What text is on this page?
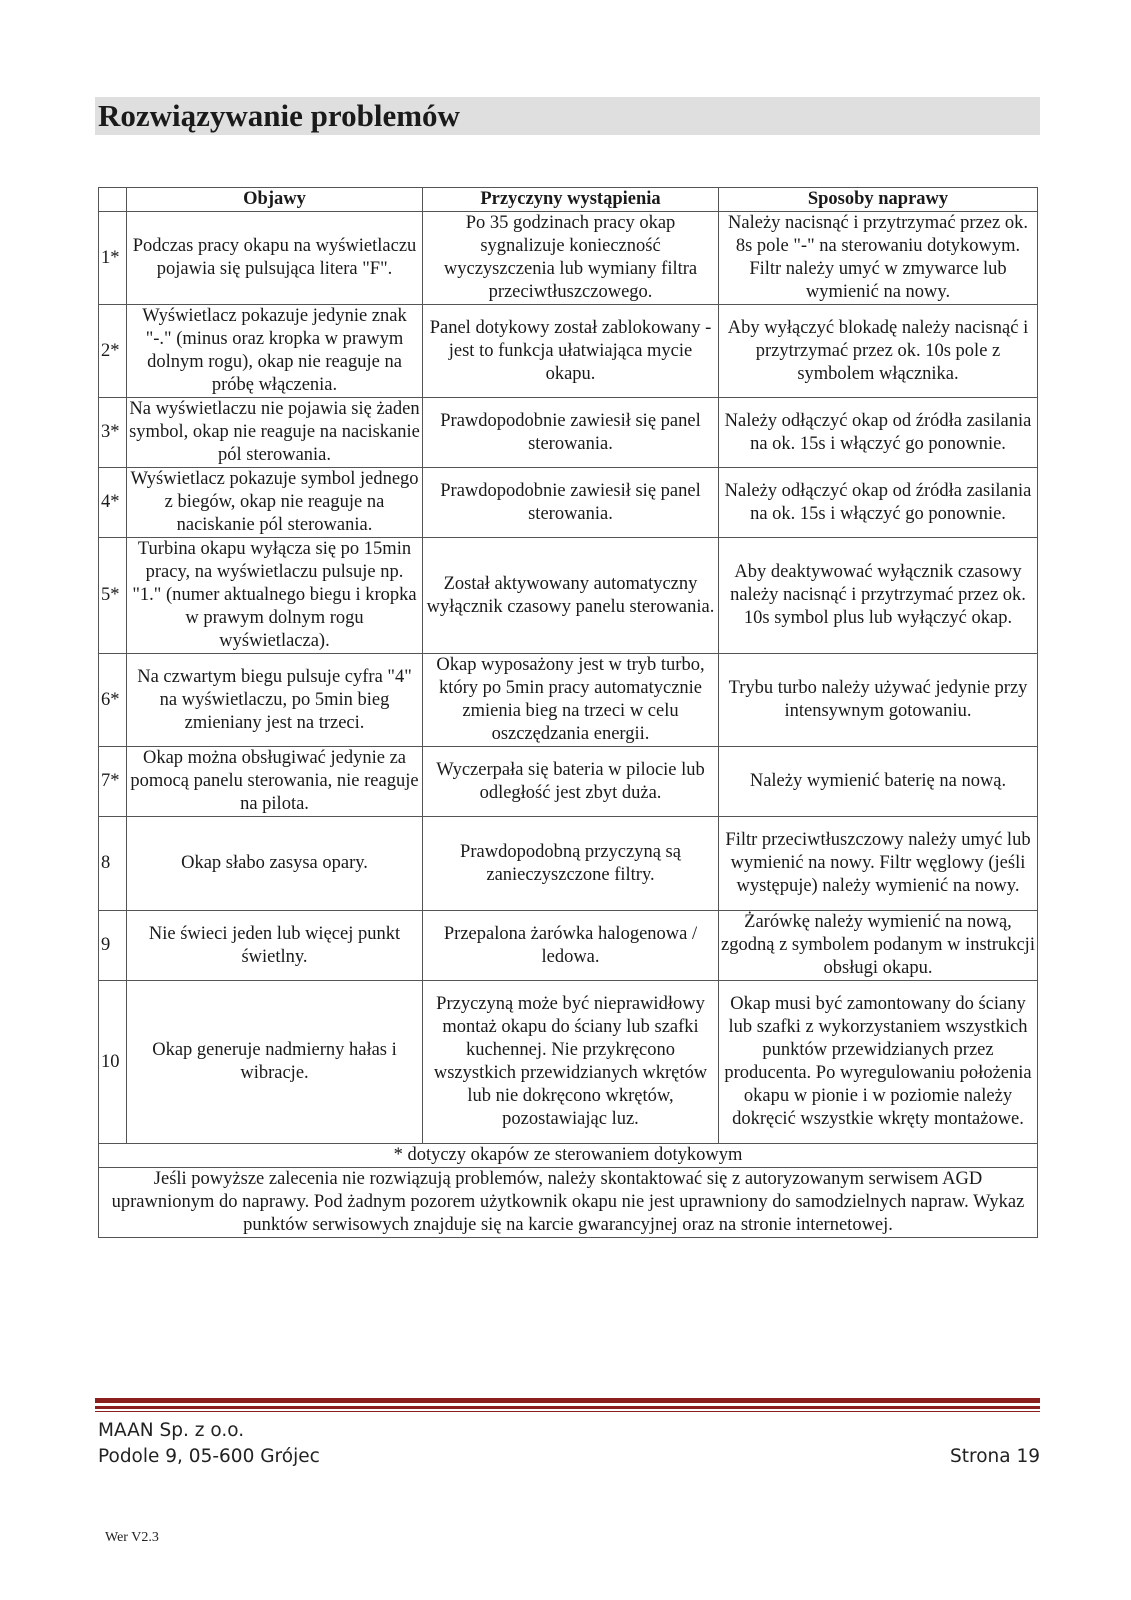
Rozwiązywanie problemów
	Objawy	Przyczyny wystąpienia	Sposoby naprawy
1*	Podczas pracy okapu na wyświetlaczu pojawia się pulsująca litera "F".	Po 35 godzinach pracy okap sygnalizuje konieczność wyczyszczenia lub wymiany filtra przeciwtłuszczowego.	Należy nacisnąć i przytrzymać przez ok. 8s pole "-" na sterowaniu dotykowym. Filtr należy umyć w zmywarce lub wymienić na nowy.
2*	Wyświetlacz pokazuje jedynie znak "-." (minus oraz kropka w prawym dolnym rogu), okap nie reaguje na próbę włączenia.	Panel dotykowy został zablokowany - jest to funkcja ułatwiająca mycie okapu.	Aby wyłączyć blokadę należy nacisnąć i przytrzymać przez ok. 10s pole z symbolem włącznika.
3*	Na wyświetlaczu nie pojawia się żaden symbol, okap nie reaguje na naciskanie pól sterowania.	Prawdopodobnie zawiesił się panel sterowania.	Należy odłączyć okap od źródła zasilania na ok. 15s i włączyć go ponownie.
4*	Wyświetlacz pokazuje symbol jednego z biegów, okap nie reaguje na naciskanie pól sterowania.	Prawdopodobnie zawiesił się panel sterowania.	Należy odłączyć okap od źródła zasilania na ok. 15s i włączyć go ponownie.
5*	Turbina okapu wyłącza się po 15min pracy, na wyświetlaczu pulsuje np. "1." (numer aktualnego biegu i kropka w prawym dolnym rogu wyświetlacza).	Został aktywowany automatyczny wyłącznik czasowy panelu sterowania.	Aby deaktywować wyłącznik czasowy należy nacisnąć i przytrzymać przez ok. 10s symbol plus lub wyłączyć okap.
6*	Na czwartym biegu pulsuje cyfra "4" na wyświetlaczu, po 5min bieg zmieniany jest na trzeci.	Okap wyposażony jest w tryb turbo, który po 5min pracy automatycznie zmienia bieg na trzeci w celu oszczędzania energii.	Trybu turbo należy używać jedynie przy intensywnym gotowaniu.
7*	Okap można obsługiwać jedynie za pomocą panelu sterowania, nie reaguje na pilota.	Wyczerpała się bateria w pilocie lub odległość jest zbyt duża.	Należy wymienić baterię na nową.
8	Okap słabo zasysa opary.	Prawdopodobną przyczyną są zanieczyszczone filtry.	Filtr przeciwtłuszczowy należy umyć lub wymienić na nowy. Filtr węglowy (jeśli występuje) należy wymienić na nowy.
9	Nie świeci jeden lub więcej punkt świetlny.	Przepalona żarówka halogenowa / ledowa.	Żarówkę należy wymienić na nową, zgodną z symbolem podanym w instrukcji obsługi okapu.
10	Okap generuje nadmierny hałas i wibracje.	Przyczyną może być nieprawidłowy montaż okapu do ściany lub szafki kuchennej. Nie przykręcono wszystkich przewidzianych wkrętów lub nie dokręcono wkrętów, pozostawiając luz.	Okap musi być zamontowany do ściany lub szafki z wykorzystaniem wszystkich punktów przewidzianych przez producenta. Po wyregulowaniu położenia okapu w pionie i w poziomie należy dokręcić wszystkie wkręty montażowe.
* dotyczy okapów ze sterowaniem dotykowym			
Jeśli powyższe zalecenia nie rozwiązują problemów, należy skontaktować się z autoryzowanym serwisem AGD uprawnionym do naprawy. Pod żadnym pozorem użytkownik okapu nie jest uprawniony do samodzielnych napraw. Wykaz punktów serwisowych znajduje się na karcie gwarancyjnej oraz na stronie internetowej.			
MAAN Sp. z o.o.
Podole 9, 05-600 Grójec	Strona 19
Wer V2.3
